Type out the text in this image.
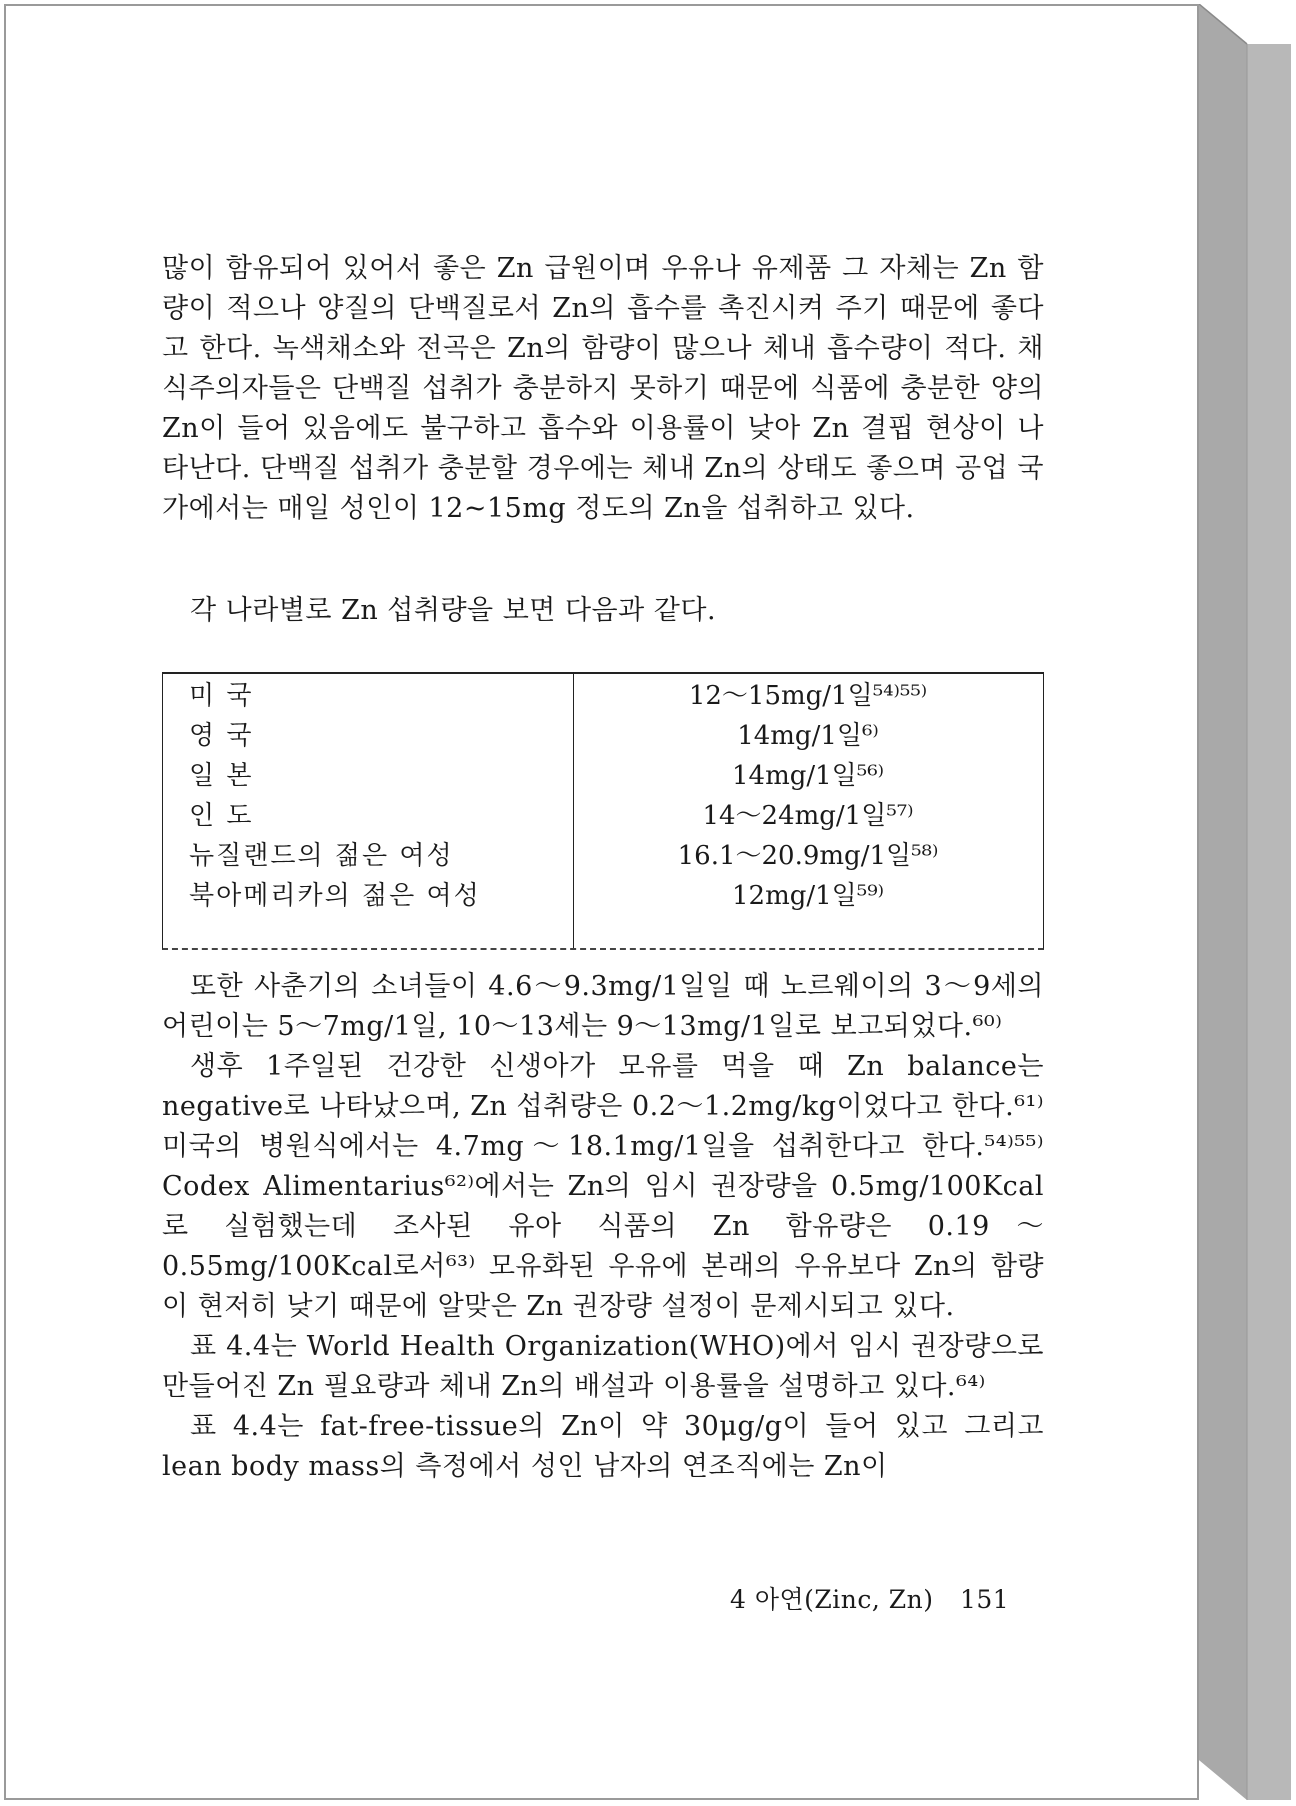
많이 함유되어 있어서 좋은 Zn 급원이며 우유나 유제품 그 자체는 Zn 함량이 적으나 양질의 단백질로서 Zn의 흡수를 촉진시켜 주기 때문에 좋다고 한다. 녹색채소와 전곡은 Zn의 함량이 많으나 체내 흡수량이 적다. 채식주의자들은 단백질 섭취가 충분하지 못하기 때문에 식품에 충분한 양의 Zn이 들어 있음에도 불구하고 흡수와 이용률이 낮아 Zn 결핍 현상이 나타난다. 단백질 섭취가 충분할 경우에는 체내 Zn의 상태도 좋으며 공업 국가에서는 매일 성인이 12~15mg 정도의 Zn을 섭취하고 있다.

각 나라별로 Zn 섭취량을 보면 다음과 같다.
미 국	12～15mg/1일⁵⁴⁾⁵⁵⁾
영 국	14mg/1일⁶⁾
일 본	14mg/1일⁵⁶⁾
인 도	14～24mg/1일⁵⁷⁾
뉴질랜드의 젊은 여성	16.1～20.9mg/1일⁵⁸⁾
북아메리카의 젊은 여성	12mg/1일⁵⁹⁾

또한 사춘기의 소녀들이 4.6～9.3mg/1일일 때 노르웨이의 3～9세의 어린이는 5～7mg/1일, 10～13세는 9～13mg/1일로 보고되었다.⁶⁰⁾

생후 1주일된 건강한 신생아가 모유를 먹을 때 Zn balance는 negative로 나타났으며, Zn 섭취량은 0.2～1.2mg/kg이었다고 한다.⁶¹⁾ 미국의 병원식에서는 4.7mg～18.1mg/1일을 섭취한다고 한다.⁵⁴⁾⁵⁵⁾ Codex Alimentarius⁶²⁾에서는 Zn의 임시 권장량을 0.5mg/100Kcal로 실험했는데 조사된 유아 식품의 Zn 함유량은 0.19～0.55mg/100Kcal로서⁶³⁾ 모유화된 우유에 본래의 우유보다 Zn의 함량이 현저히 낮기 때문에 알맞은 Zn 권장량 설정이 문제시되고 있다.

표 4.4는 World Health Organization(WHO)에서 임시 권장량으로 만들어진 Zn 필요량과 체내 Zn의 배설과 이용률을 설명하고 있다.⁶⁴⁾

표 4.4는 fat-free-tissue의 Zn이 약 30μg/g이 들어 있고 그리고 lean body mass의 측정에서 성인 남자의 연조직에는 Zn이

4 아연(Zinc, Zn) 151
